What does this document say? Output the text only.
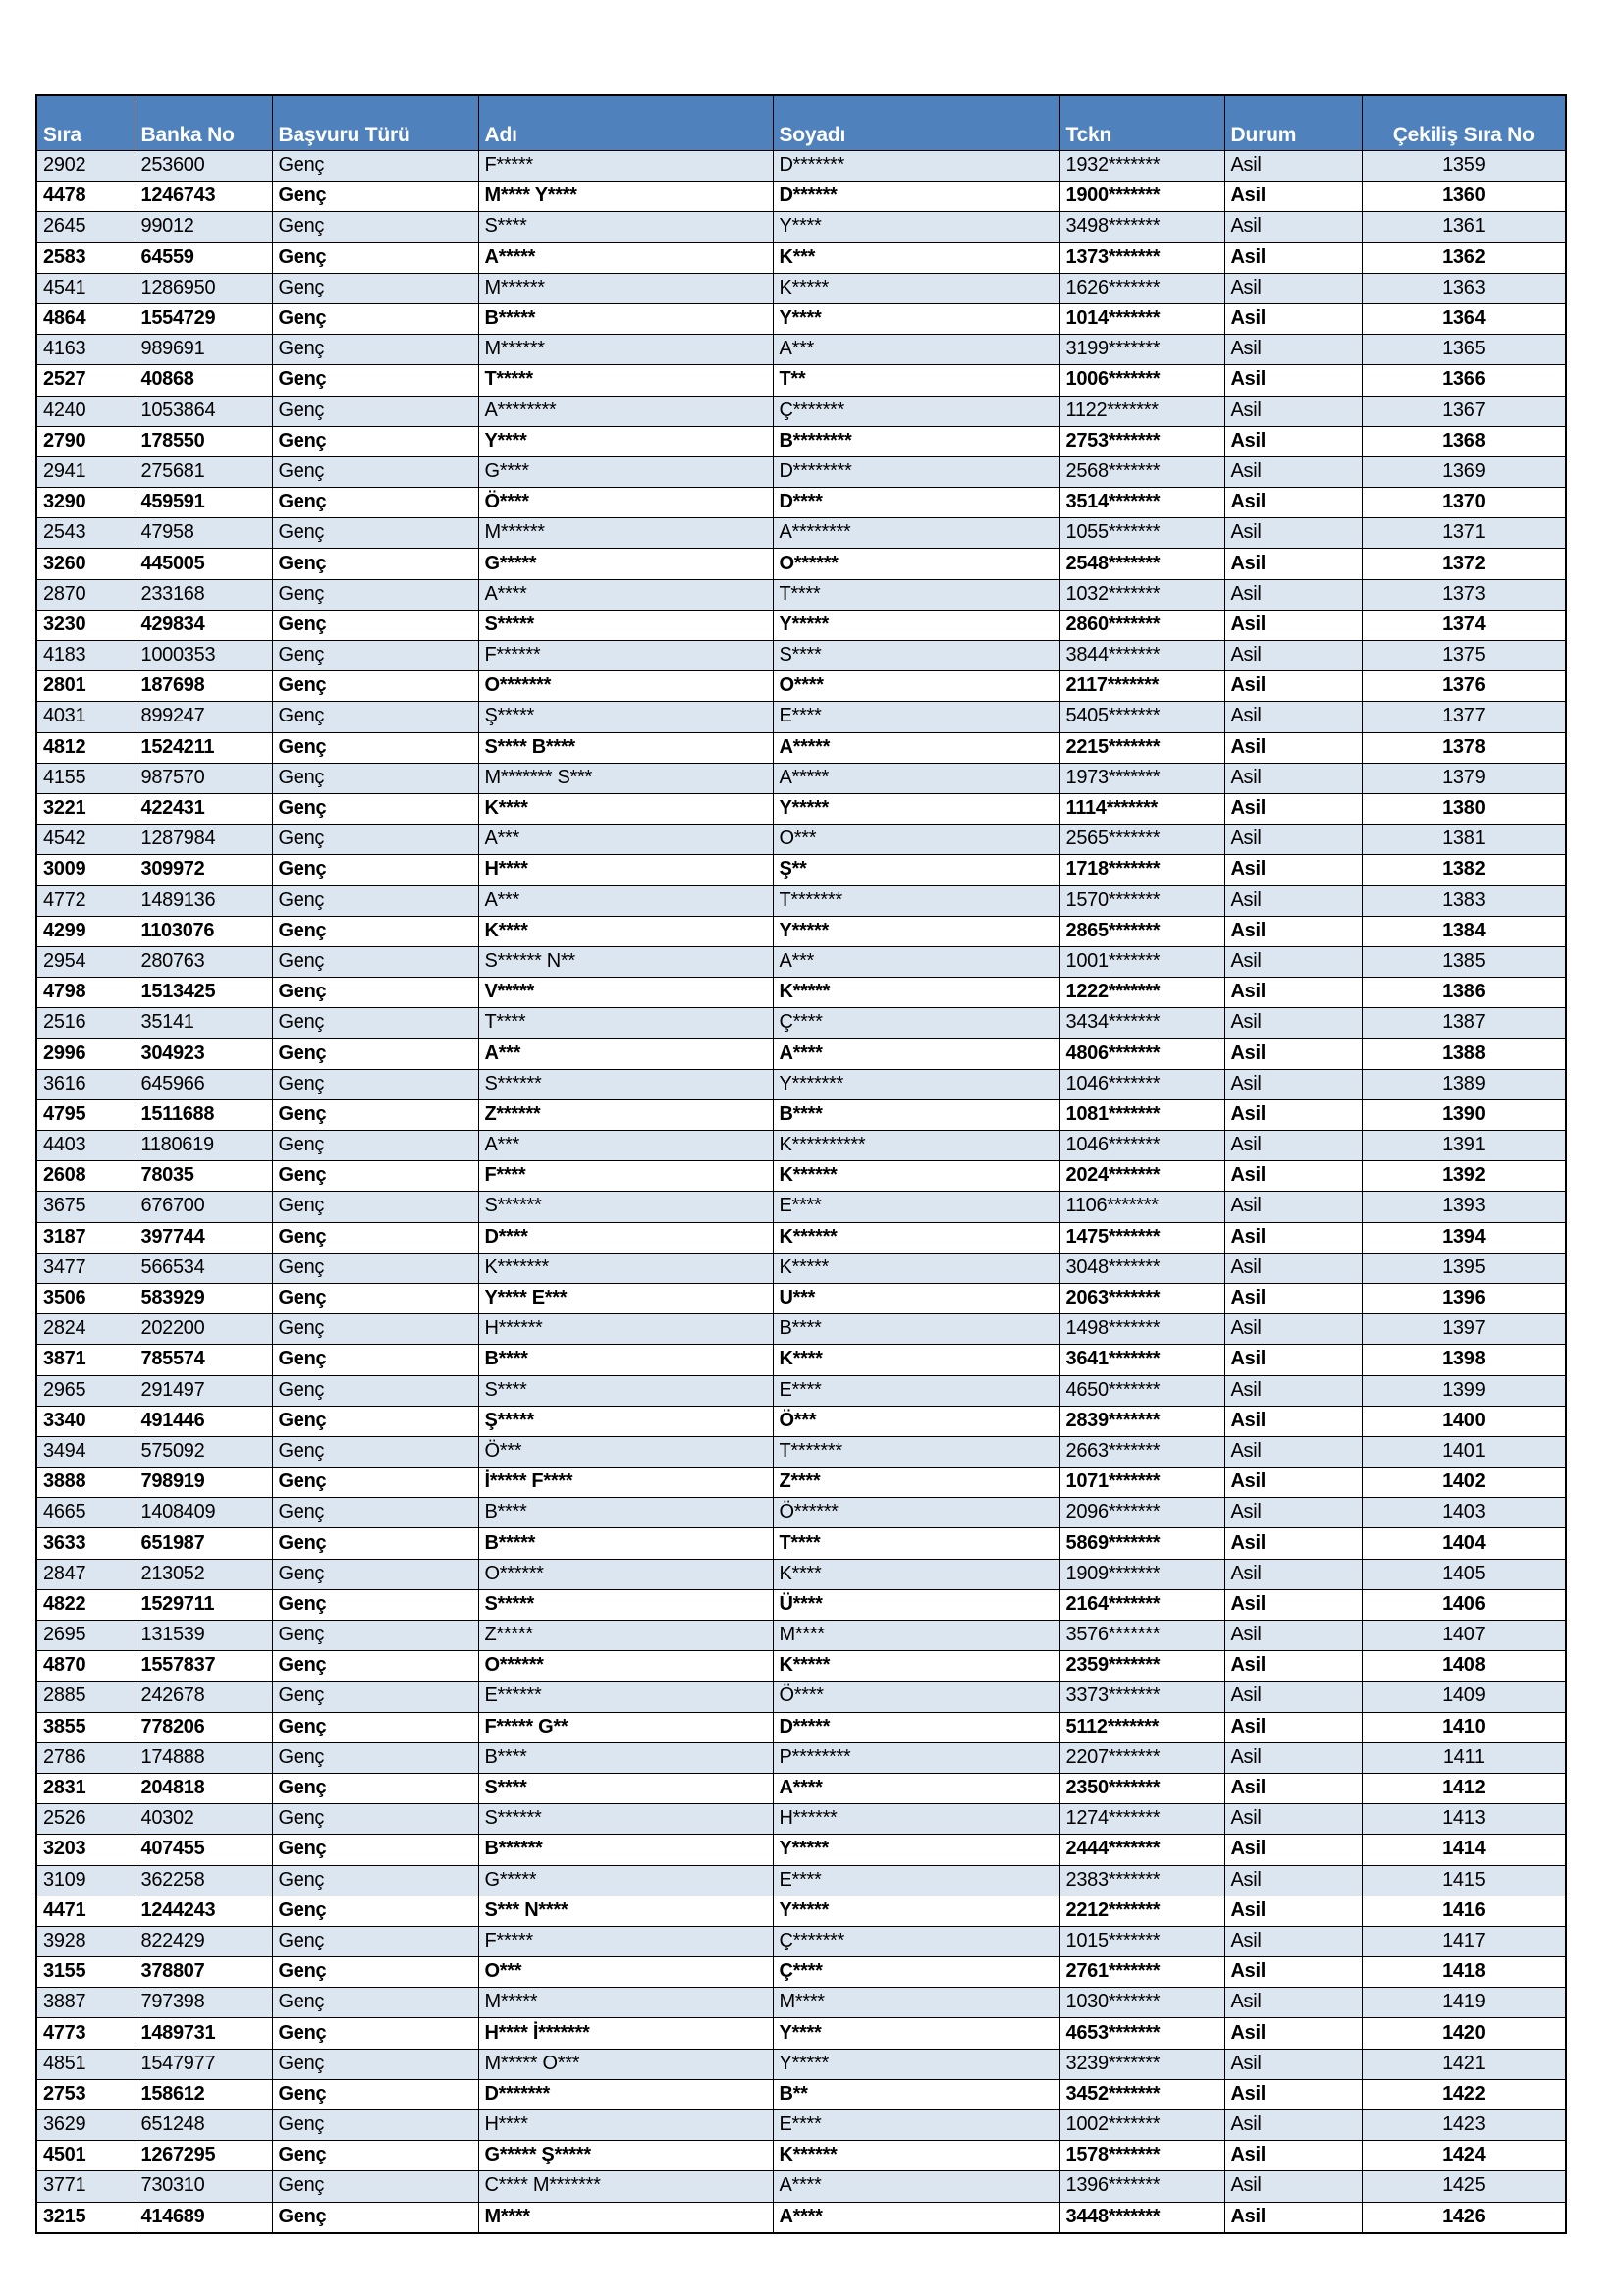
Sıra	Banka No	Başvuru Türü	Adı	Soyadı	Tckn	Durum	Çekiliş Sıra No
2902	253600	Genç	F*****	D*******	1932*******	Asil	1359
4478	1246743	Genç	M**** Y****	D******	1900*******	Asil	1360
2645	99012	Genç	S****	Y****	3498*******	Asil	1361
2583	64559	Genç	A*****	K***	1373*******	Asil	1362
4541	1286950	Genç	M******	K*****	1626*******	Asil	1363
4864	1554729	Genç	B*****	Y****	1014*******	Asil	1364
4163	989691	Genç	M******	A***	3199*******	Asil	1365
2527	40868	Genç	T*****	T**	1006*******	Asil	1366
4240	1053864	Genç	A********	Ç*******	1122*******	Asil	1367
2790	178550	Genç	Y****	B********	2753*******	Asil	1368
2941	275681	Genç	G****	D********	2568*******	Asil	1369
3290	459591	Genç	Ö****	D****	3514*******	Asil	1370
2543	47958	Genç	M******	A********	1055*******	Asil	1371
3260	445005	Genç	G*****	O******	2548*******	Asil	1372
2870	233168	Genç	A****	T****	1032*******	Asil	1373
3230	429834	Genç	S*****	Y*****	2860*******	Asil	1374
4183	1000353	Genç	F******	S****	3844*******	Asil	1375
2801	187698	Genç	O*******	O****	2117*******	Asil	1376
4031	899247	Genç	Ş*****	E****	5405*******	Asil	1377
4812	1524211	Genç	S**** B****	A*****	2215*******	Asil	1378
4155	987570	Genç	M******* S***	A*****	1973*******	Asil	1379
3221	422431	Genç	K****	Y*****	1114*******	Asil	1380
4542	1287984	Genç	A***	O***	2565*******	Asil	1381
3009	309972	Genç	H****	Ş**	1718*******	Asil	1382
4772	1489136	Genç	A***	T*******	1570*******	Asil	1383
4299	1103076	Genç	K****	Y*****	2865*******	Asil	1384
2954	280763	Genç	S****** N**	A***	1001*******	Asil	1385
4798	1513425	Genç	V*****	K*****	1222*******	Asil	1386
2516	35141	Genç	T****	Ç****	3434*******	Asil	1387
2996	304923	Genç	A***	A****	4806*******	Asil	1388
3616	645966	Genç	S******	Y*******	1046*******	Asil	1389
4795	1511688	Genç	Z******	B****	1081*******	Asil	1390
4403	1180619	Genç	A***	K**********	1046*******	Asil	1391
2608	78035	Genç	F****	K******	2024*******	Asil	1392
3675	676700	Genç	S******	E****	1106*******	Asil	1393
3187	397744	Genç	D****	K******	1475*******	Asil	1394
3477	566534	Genç	K*******	K*****	3048*******	Asil	1395
3506	583929	Genç	Y**** E***	U***	2063*******	Asil	1396
2824	202200	Genç	H******	B****	1498*******	Asil	1397
3871	785574	Genç	B****	K****	3641*******	Asil	1398
2965	291497	Genç	S****	E****	4650*******	Asil	1399
3340	491446	Genç	Ş*****	Ö***	2839*******	Asil	1400
3494	575092	Genç	Ö***	T*******	2663*******	Asil	1401
3888	798919	Genç	İ***** F****	Z****	1071*******	Asil	1402
4665	1408409	Genç	B****	Ö******	2096*******	Asil	1403
3633	651987	Genç	B*****	T****	5869*******	Asil	1404
2847	213052	Genç	O******	K****	1909*******	Asil	1405
4822	1529711	Genç	S*****	Ü****	2164*******	Asil	1406
2695	131539	Genç	Z*****	M****	3576*******	Asil	1407
4870	1557837	Genç	O******	K*****	2359*******	Asil	1408
2885	242678	Genç	E******	Ö****	3373*******	Asil	1409
3855	778206	Genç	F***** G**	D*****	5112*******	Asil	1410
2786	174888	Genç	B****	P********	2207*******	Asil	1411
2831	204818	Genç	S****	A****	2350*******	Asil	1412
2526	40302	Genç	S******	H******	1274*******	Asil	1413
3203	407455	Genç	B******	Y*****	2444*******	Asil	1414
3109	362258	Genç	G*****	E****	2383*******	Asil	1415
4471	1244243	Genç	S*** N****	Y*****	2212*******	Asil	1416
3928	822429	Genç	F*****	Ç*******	1015*******	Asil	1417
3155	378807	Genç	O***	Ç****	2761*******	Asil	1418
3887	797398	Genç	M*****	M****	1030*******	Asil	1419
4773	1489731	Genç	H**** İ*******	Y****	4653*******	Asil	1420
4851	1547977	Genç	M***** O***	Y*****	3239*******	Asil	1421
2753	158612	Genç	D*******	B**	3452*******	Asil	1422
3629	651248	Genç	H****	E****	1002*******	Asil	1423
4501	1267295	Genç	G***** Ş*****	K******	1578*******	Asil	1424
3771	730310	Genç	C**** M*******	A****	1396*******	Asil	1425
3215	414689	Genç	M****	A****	3448*******	Asil	1426
